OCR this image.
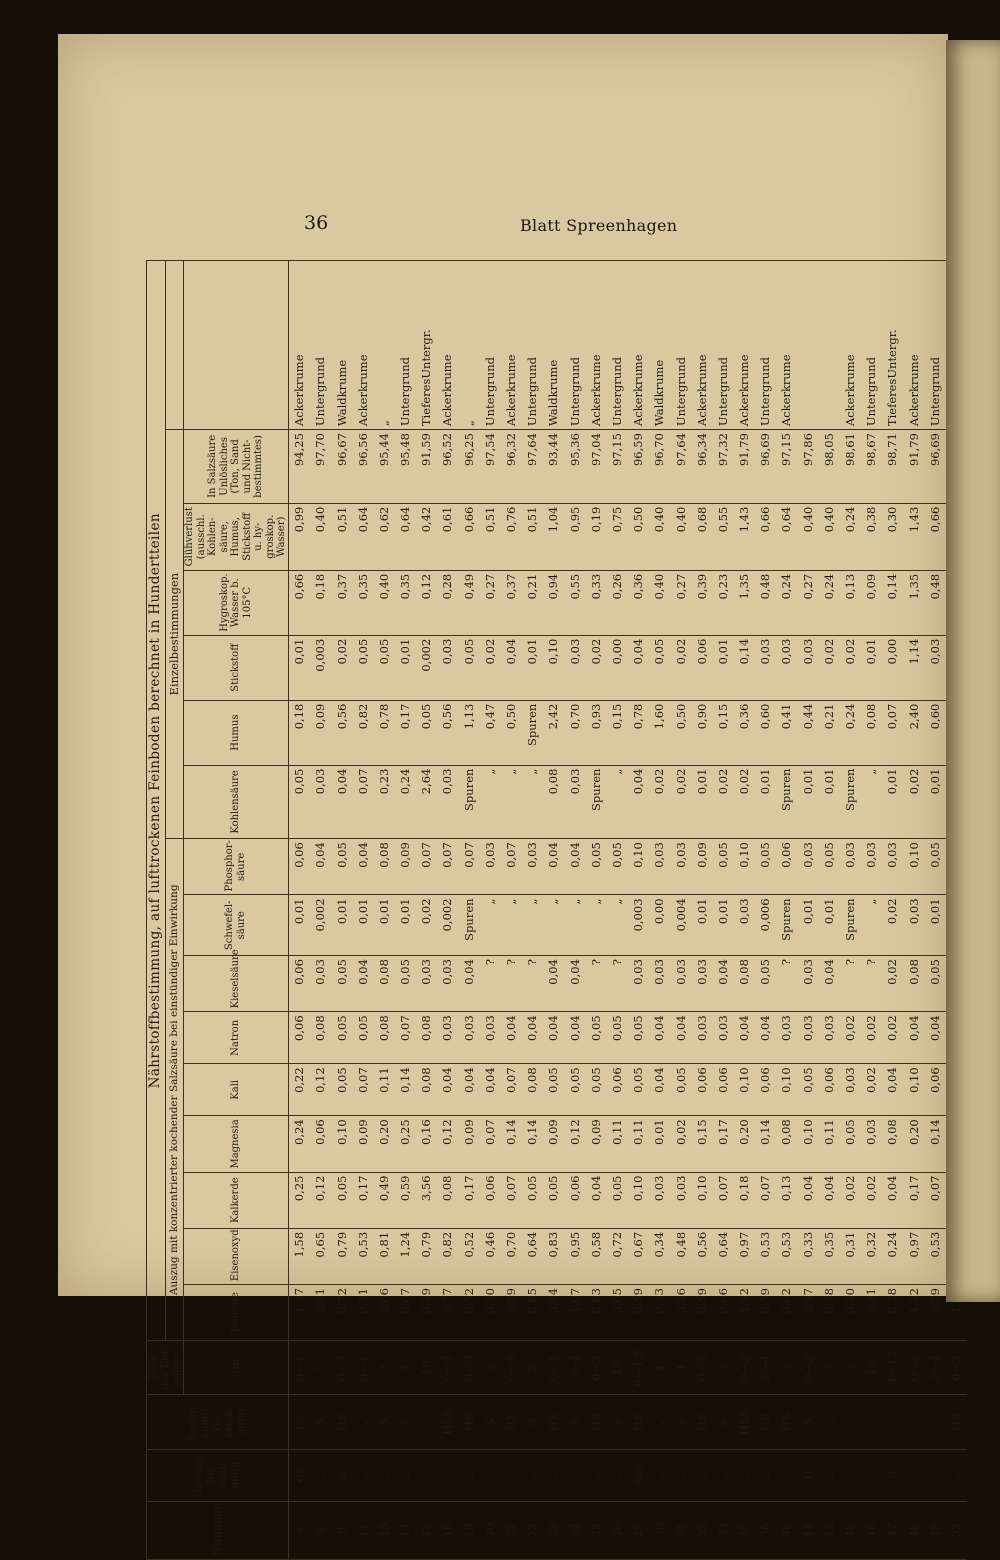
36	Blatt Spreenhagen
Nummer	Geo-log. Be-zeich-nung	Boden-kundl. Be-zeich-nung	Tiefe der Ent-nahme	Nährstoffbestimmung, auf lufttrockenen Feinboden berechnet in Hundertteilen															
				Auszug mit konzentrierter kochender Salzsäure bei einstündiger Einwirkung									Einzelbestimmungen						
			dm	Tonerde	Eisenoxyd	Kalkerde	Magnesia	Kali	Natron	Kieselsäure	Schwefel-säure	Phosphor-säure	Kohlensäure	Humus	Stickstoff	Hygroskop. Wasser b. 105°C	Glühverlust (ausschl. Kohlen-säure, Humus, Stickstoff u. hy-groskop. Wasser)	In Salzsäure Unlösliches (Ton, Sand und Nicht-bestimmtes)	
4	ds	ĽS	0—1	1,37	1,58	0,25	0,24	0,22	0,06	0,06	0,01	0,06	0,05	0,18	0,01	0,66	0,99	94,25	Ackerkrume
5	„	S	5	0,51	0,65	0,12	0,06	0,12	0,08	0,03	0,002	0,04	0,03	0,09	0,003	0,18	0,40	97,70	Untergrund
9	∂s	ĤS	0—3	0,72	0,79	0,05	0,10	0,05	0,05	0,05	0,01	0,05	0,04	0,56	0,02	0,37	0,51	96,67	Waldkrume
11	„	„	0—1	0,51	0,53	0,17	0,09	0,07	0,05	0,04	0,01	0,04	0,07	0,82	0,05	0,35	0,64	96,56	Ackerkrume
13	„	S	2	0,66	0,81	0,49	0,20	0,11	0,08	0,08	0,01	0,08	0,23	0,78	0,05	0,40	0,62	95,44	„
14	„	S	4	0,67	1,24	0,59	0,25	0,14	0,07	0,05	0,01	0,09	0,24	0,17	0,01	0,35	0,64	95,48	Untergrund
15	„	„	10	0,39	0,79	3,56	0,16	0,08	0,08	0,03	0,02	0,07	2,64	0,05	0,002	0,12	0,42	91,59	TieferesUntergr.
16	„	H́LS	0—2	0,77	0,82	0,08	0,12	0,04	0,03	0,03	0,002	0,07	0,03	0,56	0,03	0,28	0,61	96,52	Ackerkrume
19	„	ĤS	0—3	0,52	0,52	0,17	0,09	0,04	0,03	0,04	Spuren	0,07	Spuren	1,13	0,05	0,49	0,66	96,25	„
20	„	S	5	0,50	0,46	0,06	0,07	0,04	0,03	?	„	0,03	„	0,47	0,02	0,27	0,51	97,54	Untergrund
21	„	ĤS	0—3	0,89	0,70	0,07	0,14	0,07	0,04	?	„	0,07	„	0,50	0,04	0,37	0,76	96,32	Ackerkrume
22	„	S	5	0,65	0,64	0,05	0,14	0,08	0,04	?	„	0,03	„	Spuren	0,01	0,21	0,51	97,64	Untergrund
23	„	HS	0—1	0,84	0,83	0,05	0,09	0,05	0,04	0,04	„	0,04	0,08	2,42	0,10	0,94	1,04	93,44	Waldkrume
24	„	S	3—4	1,07	0,95	0,06	0,12	0,05	0,04	0,04	„	0,04	0,03	0,70	0,03	0,55	0,95	95,36	Untergrund
25	„	ĤS	0—2	0,63	0,58	0,04	0,09	0,05	0,05	?	„	0,05	Spuren	0,93	0,02	0,33	0,19	97,04	Ackerkrume
26	„	S	18	0,65	0,72	0,05	0,11	0,06	0,05	?	„	0,05	„	0,15	0,00	0,26	0,75	97,15	Untergrund
27	∂as	HS	0—1,5	0,59	0,67	0,10	0,11	0,05	0,05	0,03	0,003	0,10	0,04	0,78	0,04	0,36	0,50	96,59	Ackerkrume
30	„	„	1	0,33	0,34	0,03	0,01	0,04	0,04	0,03	0,00	0,03	0,02	1,60	0,05	0,40	0,40	96,70	Waldkrume
31	„	S	4	0,46	0,48	0,03	0,02	0,05	0,04	0,03	0,004	0,03	0,02	0,50	0,02	0,27	0,40	97,64	Untergrund
32	„	ĤS	0—2	0,59	0,56	0,10	0,15	0,06	0,03	0,03	0,01	0,09	0,01	0,90	0,06	0,39	0,68	96,34	Ackerkrume
33	„	S	3	0,66	0,64	0,07	0,17	0,06	0,03	0,04	0,01	0,05	0,02	0,15	0,01	0,23	0,55	97,32	Untergrund
35	„	HLS	0—2	1,32	0,97	0,18	0,20	0,10	0,04	0,08	0,03	0,10	0,02	0,36	0,14	1,35	1,43	91,79	Ackerkrume
36	„	ĜS	2—4	0,59	0,53	0,07	0,14	0,06	0,04	0,05	0,006	0,05	0,01	0,60	0,03	0,48	0,66	96,69	Untergrund
38	„	ĤS	2	0,62	0,53	0,13	0,08	0,10	0,03	?	Spuren	0,06	Spuren	0,41	0,03	0,24	0,64	97,15	Ackerkrume
41	D	S	0—2	0,37	0,33	0,04	0,10	0,05	0,03	0,03	0,01	0,03	0,01	0,44	0,03	0,27	0,40	97,86	
42	„	„	3	0,38	0,35	0,04	0,11	0,06	0,03	0,04	0,01	0,05	0,01	0,21	0,02	0,24	0,40	98,05	
45	„	„	2	0,30	0,31	0,02	0,05	0,03	0,02	?	Spuren	0,03	Spuren	0,24	0,02	0,13	0,24	98,61	Ackerkrume
46	„	„	18	0,31	0,32	0,02	0,03	0,02	0,02	?	„	0,03	„	0,08	0,01	0,09	0,38	98,67	Untergrund
47	S	„	4—12	0,28	0,24	0,04	0,08	0,04	0,02	0,02	0,02	0,03	0,01	0,07	0,00	0,14	0,30	98,71	TieferesUntergr.
48	„	„	0—2	1,32	0,97	0,17	0,20	0,10	0,04	0,08	0,03	0,10	0,02	2,40	1,14	1,35	1,43	91,79	Ackerkrume
49	„	„	2—4	0,59	0,53	0,07	0,14	0,06	0,04	0,05	0,01	0,05	0,01	0,60	0,03	0,48	0,66	96,69	Untergrund
52	„	HS	0—2																
